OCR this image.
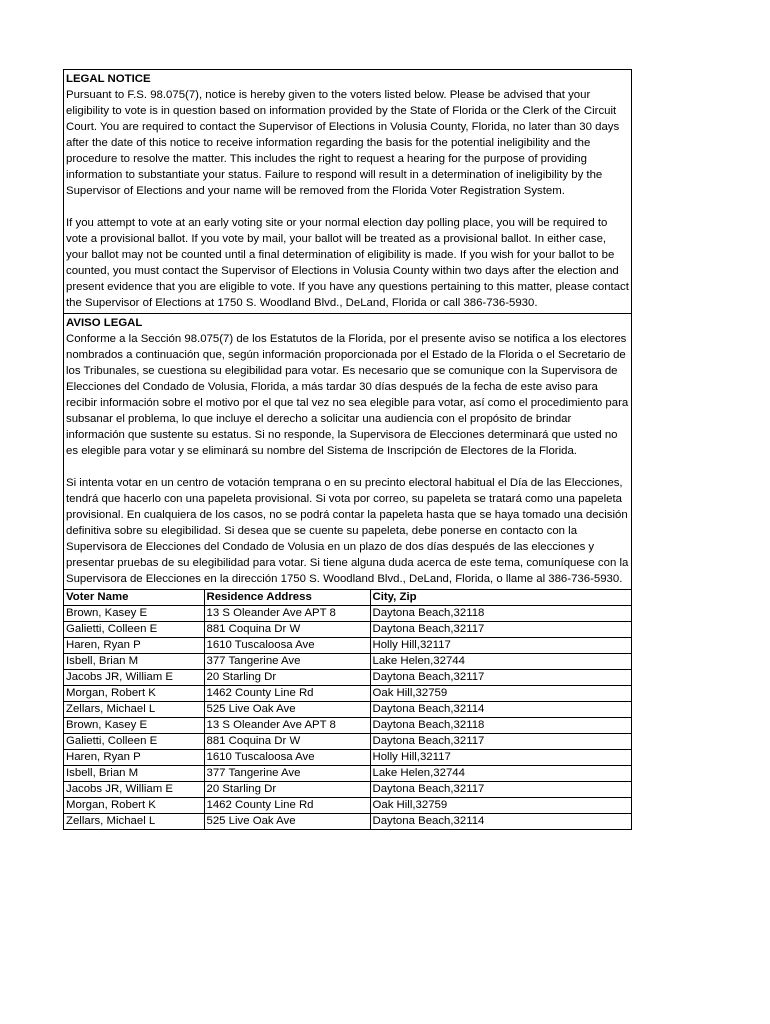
LEGAL NOTICE

Pursuant to F.S. 98.075(7), notice is hereby given to the voters listed below. Please be advised that your eligibility to vote is in question based on information provided by the State of Florida or the Clerk of the Circuit Court. You are required to contact the Supervisor of Elections in Volusia County, Florida, no later than 30 days after the date of this notice to receive information regarding the basis for the potential ineligibility and the procedure to resolve the matter. This includes the right to request a hearing for the purpose of providing information to substantiate your status. Failure to respond will result in a determination of ineligibility by the Supervisor of Elections and your name will be removed from the Florida Voter Registration System.

If you attempt to vote at an early voting site or your normal election day polling place, you will be required to vote a provisional ballot. If you vote by mail, your ballot will be treated as a provisional ballot. In either case, your ballot may not be counted until a final determination of eligibility is made. If you wish for your ballot to be counted, you must contact the Supervisor of Elections in Volusia County within two days after the election and present evidence that you are eligible to vote. If you have any questions pertaining to this matter, please contact the Supervisor of Elections at 1750 S. Woodland Blvd., DeLand, Florida or call 386-736-5930.

AVISO LEGAL

Conforme a la Sección 98.075(7) de los Estatutos de la Florida, por el presente aviso se notifica a los electores nombrados a continuación que, según información proporcionada por el Estado de la Florida o el Secretario de los Tribunales, se cuestiona su elegibilidad para votar. Es necesario que se comunique con la Supervisora de Elecciones del Condado de Volusia, Florida, a más tardar 30 días después de la fecha de este aviso para recibir información sobre el motivo por el que tal vez no sea elegible para votar, así como el procedimiento para subsanar el problema, lo que incluye el derecho a solicitar una audiencia con el propósito de brindar información que sustente su estatus. Si no responde, la Supervisora de Elecciones determinará que usted no es elegible para votar y se eliminará su nombre del Sistema de Inscripción de Electores de la Florida.

Si intenta votar en un centro de votación temprana o en su precinto electoral habitual el Día de las Elecciones, tendrá que hacerlo con una papeleta provisional. Si vota por correo, su papeleta se tratará como una papeleta provisional. En cualquiera de los casos, no se podrá contar la papeleta hasta que se haya tomado una decisión definitiva sobre su elegibilidad. Si desea que se cuente su papeleta, debe ponerse en contacto con la Supervisora de Elecciones del Condado de Volusia en un plazo de dos días después de las elecciones y presentar pruebas de su elegibilidad para votar. Si tiene alguna duda acerca de este tema, comuníquese con la Supervisora de Elecciones en la dirección 1750 S. Woodland Blvd., DeLand, Florida, o llame al 386-736-5930.

Voter Name	Residence Address	City, Zip
Brown, Kasey E	13 S Oleander Ave APT 8	Daytona Beach,32118
Galietti, Colleen E	881 Coquina Dr W	Daytona Beach,32117
Haren, Ryan P	1610 Tuscaloosa Ave	Holly Hill,32117
Isbell, Brian M	377 Tangerine Ave	Lake Helen,32744
Jacobs JR, William E	20 Starling Dr	Daytona Beach,32117
Morgan, Robert K	1462 County Line Rd	Oak Hill,32759
Zellars, Michael L	525 Live Oak Ave	Daytona Beach,32114
Brown, Kasey E	13 S Oleander Ave APT 8	Daytona Beach,32118
Galietti, Colleen E	881 Coquina Dr W	Daytona Beach,32117
Haren, Ryan P	1610 Tuscaloosa Ave	Holly Hill,32117
Isbell, Brian M	377 Tangerine Ave	Lake Helen,32744
Jacobs JR, William E	20 Starling Dr	Daytona Beach,32117
Morgan, Robert K	1462 County Line Rd	Oak Hill,32759
Zellars, Michael L	525 Live Oak Ave	Daytona Beach,32114
